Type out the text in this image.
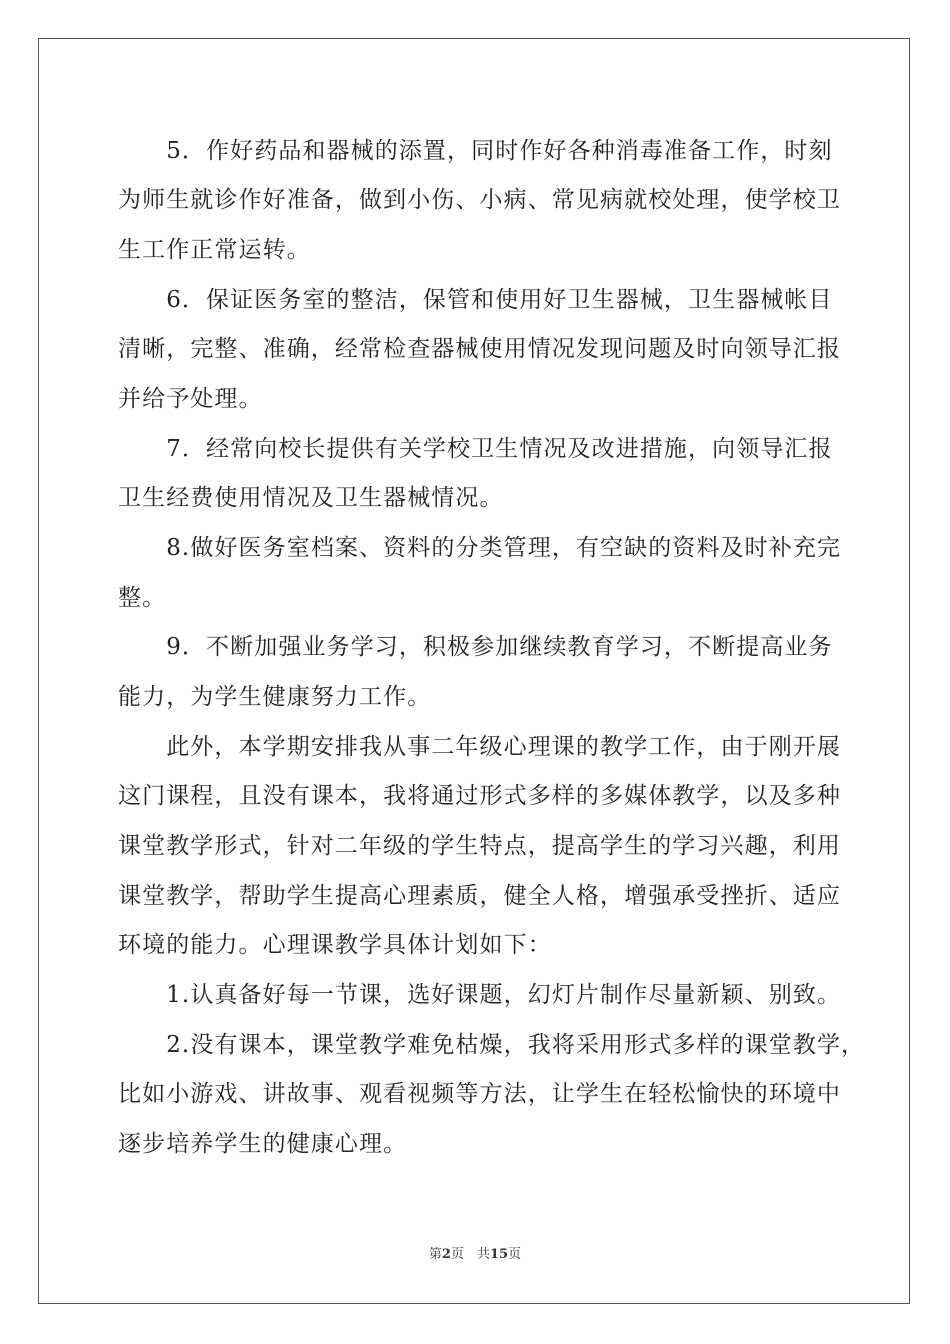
　　5．作好药品和器械的添置，同时作好各种消毒准备工作，时刻
为师生就诊作好准备，做到小伤、小病、常见病就校处理，使学校卫
生工作正常运转。
　　6．保证医务室的整洁，保管和使用好卫生器械，卫生器械帐目
清晰，完整、准确，经常检查器械使用情况发现问题及时向领导汇报
并给予处理。
　　7．经常向校长提供有关学校卫生情况及改进措施，向领导汇报
卫生经费使用情况及卫生器械情况。
　　8.做好医务室档案、资料的分类管理，有空缺的资料及时补充完
整。
　　9．不断加强业务学习，积极参加继续教育学习，不断提高业务
能力，为学生健康努力工作。
　　此外，本学期安排我从事二年级心理课的教学工作，由于刚开展
这门课程，且没有课本，我将通过形式多样的多媒体教学，以及多种
课堂教学形式，针对二年级的学生特点，提高学生的学习兴趣，利用
课堂教学，帮助学生提高心理素质，健全人格，增强承受挫折、适应
环境的能力。心理课教学具体计划如下：
　　1.认真备好每一节课，选好课题，幻灯片制作尽量新颖、别致。
　　2.没有课本，课堂教学难免枯燥，我将采用形式多样的课堂教学，
比如小游戏、讲故事、观看视频等方法，让学生在轻松愉快的环境中
逐步培养学生的健康心理。
第2页　共15页
